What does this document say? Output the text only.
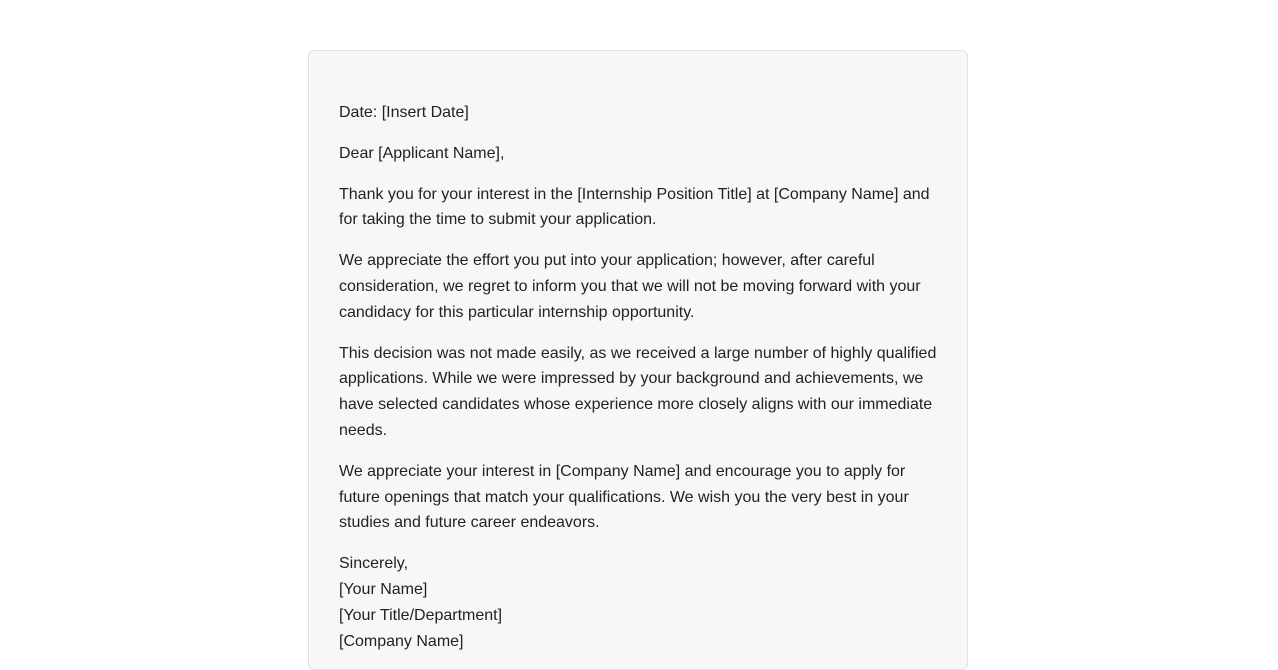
Date: [Insert Date]

Dear [Applicant Name],

Thank you for your interest in the [Internship Position Title] at [Company Name] and for taking the time to submit your application.

We appreciate the effort you put into your application; however, after careful consideration, we regret to inform you that we will not be moving forward with your candidacy for this particular internship opportunity.

This decision was not made easily, as we received a large number of highly qualified applications. While we were impressed by your background and achievements, we have selected candidates whose experience more closely aligns with our immediate needs.

We appreciate your interest in [Company Name] and encourage you to apply for future openings that match your qualifications. We wish you the very best in your studies and future career endeavors.

Sincerely,
[Your Name]
[Your Title/Department]
[Company Name]
